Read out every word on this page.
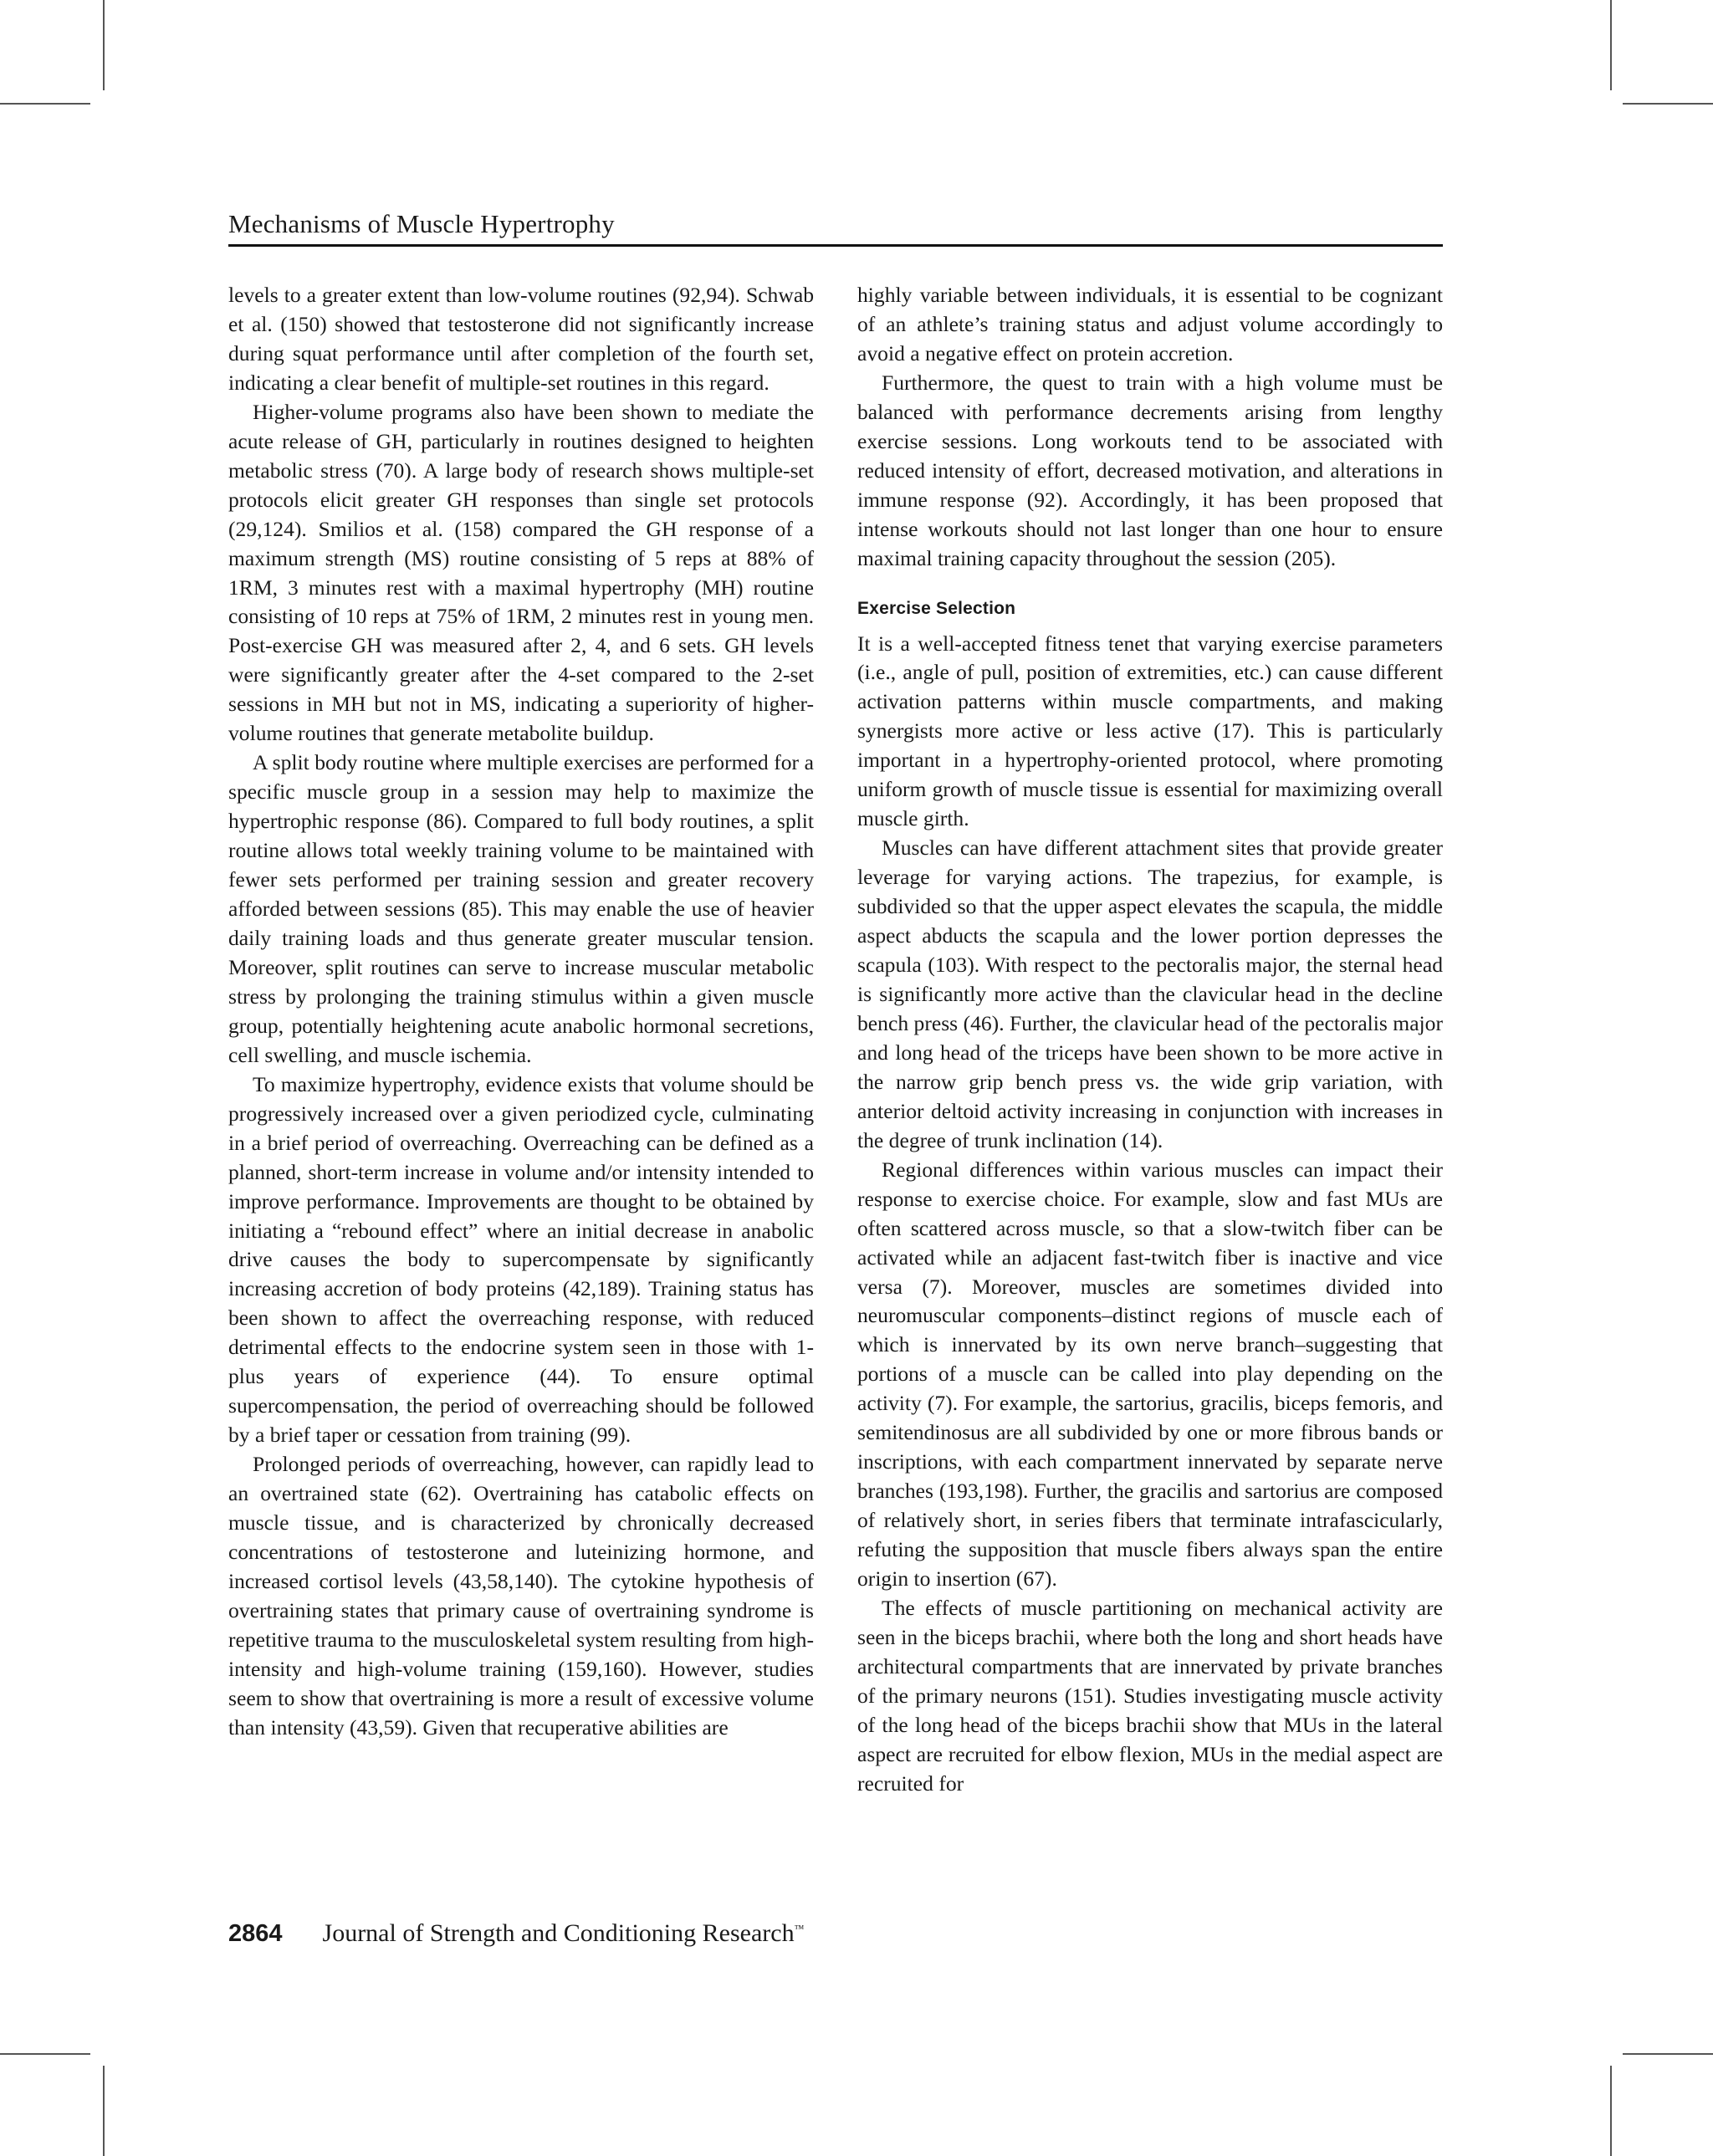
Mechanisms of Muscle Hypertrophy

levels to a greater extent than low-volume routines (92,94). Schwab et al. (150) showed that testosterone did not significantly increase during squat performance until after completion of the fourth set, indicating a clear benefit of multiple-set routines in this regard.

Higher-volume programs also have been shown to mediate the acute release of GH, particularly in routines designed to heighten metabolic stress (70). A large body of research shows multiple-set protocols elicit greater GH responses than single set protocols (29,124). Smilios et al. (158) compared the GH response of a maximum strength (MS) routine consisting of 5 reps at 88% of 1RM, 3 minutes rest with a maximal hypertrophy (MH) routine consisting of 10 reps at 75% of 1RM, 2 minutes rest in young men. Post-exercise GH was measured after 2, 4, and 6 sets. GH levels were significantly greater after the 4-set compared to the 2-set sessions in MH but not in MS, indicating a superiority of higher-volume routines that generate metabolite buildup.

A split body routine where multiple exercises are performed for a specific muscle group in a session may help to maximize the hypertrophic response (86). Compared to full body routines, a split routine allows total weekly training volume to be maintained with fewer sets performed per training session and greater recovery afforded between sessions (85). This may enable the use of heavier daily training loads and thus generate greater muscular tension. Moreover, split routines can serve to increase muscular metabolic stress by prolonging the training stimulus within a given muscle group, potentially heightening acute anabolic hormonal secretions, cell swelling, and muscle ischemia.

To maximize hypertrophy, evidence exists that volume should be progressively increased over a given periodized cycle, culminating in a brief period of overreaching. Overreaching can be defined as a planned, short-term increase in volume and/or intensity intended to improve performance. Improvements are thought to be obtained by initiating a “rebound effect” where an initial decrease in anabolic drive causes the body to supercompensate by significantly increasing accretion of body proteins (42,189). Training status has been shown to affect the overreaching response, with reduced detrimental effects to the endocrine system seen in those with 1-plus years of experience (44). To ensure optimal supercompensation, the period of overreaching should be followed by a brief taper or cessation from training (99).

Prolonged periods of overreaching, however, can rapidly lead to an overtrained state (62). Overtraining has catabolic effects on muscle tissue, and is characterized by chronically decreased concentrations of testosterone and luteinizing hormone, and increased cortisol levels (43,58,140). The cytokine hypothesis of overtraining states that primary cause of overtraining syndrome is repetitive trauma to the musculoskeletal system resulting from high-intensity and high-volume training (159,160). However, studies seem to show that overtraining is more a result of excessive volume than intensity (43,59). Given that recuperative abilities are

highly variable between individuals, it is essential to be cognizant of an athlete’s training status and adjust volume accordingly to avoid a negative effect on protein accretion.

Furthermore, the quest to train with a high volume must be balanced with performance decrements arising from lengthy exercise sessions. Long workouts tend to be associated with reduced intensity of effort, decreased motivation, and alterations in immune response (92). Accordingly, it has been proposed that intense workouts should not last longer than one hour to ensure maximal training capacity throughout the session (205).

Exercise Selection

It is a well-accepted fitness tenet that varying exercise parameters (i.e., angle of pull, position of extremities, etc.) can cause different activation patterns within muscle compartments, and making synergists more active or less active (17). This is particularly important in a hypertrophy-oriented protocol, where promoting uniform growth of muscle tissue is essential for maximizing overall muscle girth.

Muscles can have different attachment sites that provide greater leverage for varying actions. The trapezius, for example, is subdivided so that the upper aspect elevates the scapula, the middle aspect abducts the scapula and the lower portion depresses the scapula (103). With respect to the pectoralis major, the sternal head is significantly more active than the clavicular head in the decline bench press (46). Further, the clavicular head of the pectoralis major and long head of the triceps have been shown to be more active in the narrow grip bench press vs. the wide grip variation, with anterior deltoid activity increasing in conjunction with increases in the degree of trunk inclination (14).

Regional differences within various muscles can impact their response to exercise choice. For example, slow and fast MUs are often scattered across muscle, so that a slow-twitch fiber can be activated while an adjacent fast-twitch fiber is inactive and vice versa (7). Moreover, muscles are sometimes divided into neuromuscular components–distinct regions of muscle each of which is innervated by its own nerve branch–suggesting that portions of a muscle can be called into play depending on the activity (7). For example, the sartorius, gracilis, biceps femoris, and semitendinosus are all subdivided by one or more fibrous bands or inscriptions, with each compartment innervated by separate nerve branches (193,198). Further, the gracilis and sartorius are composed of relatively short, in series fibers that terminate intrafascicularly, refuting the supposition that muscle fibers always span the entire origin to insertion (67).

The effects of muscle partitioning on mechanical activity are seen in the biceps brachii, where both the long and short heads have architectural compartments that are innervated by private branches of the primary neurons (151). Studies investigating muscle activity of the long head of the biceps brachii show that MUs in the lateral aspect are recruited for elbow flexion, MUs in the medial aspect are recruited for

2864 Journal of Strength and Conditioning Research™
